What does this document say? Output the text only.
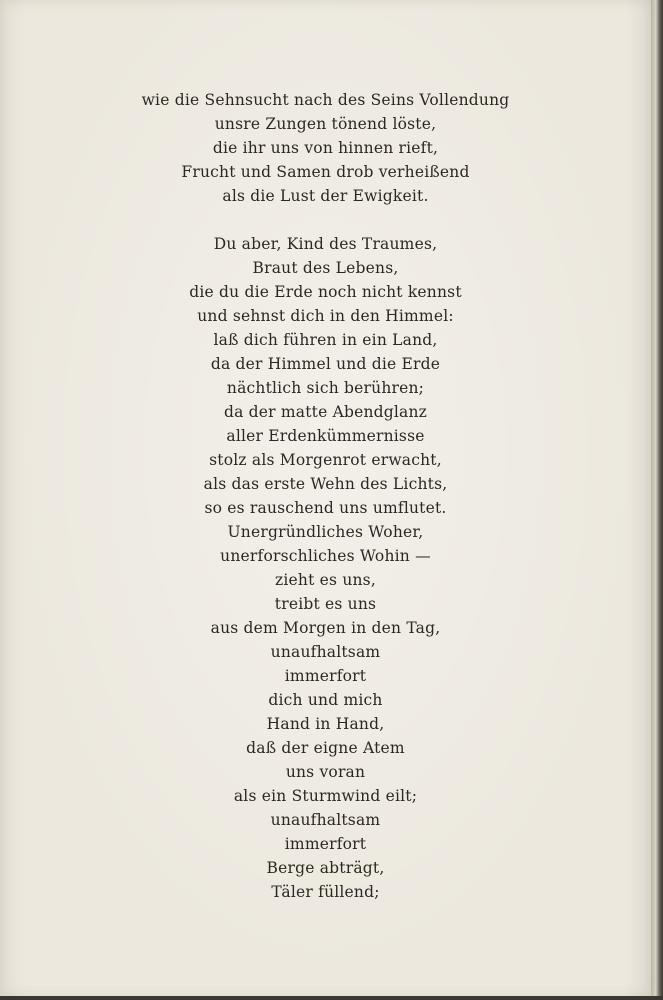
wie die Sehnsucht nach des Seins Vollendung
unsre Zungen tönend löste,
die ihr uns von hinnen rieft,
Frucht und Samen drob verheißend
als die Lust der Ewigkeit.
Du aber, Kind des Traumes,
Braut des Lebens,
die du die Erde noch nicht kennst
und sehnst dich in den Himmel:
laß dich führen in ein Land,
da der Himmel und die Erde
nächtlich sich berühren;
da der matte Abendglanz
aller Erdenkümmernisse
stolz als Morgenrot erwacht,
als das erste Wehn des Lichts,
so es rauschend uns umflutet.
Unergründliches Woher,
unerforschliches Wohin —
zieht es uns,
treibt es uns
aus dem Morgen in den Tag,
unaufhaltsam
immerfort
dich und mich
Hand in Hand,
daß der eigne Atem
uns voran
als ein Sturmwind eilt;
unaufhaltsam
immerfort
Berge abträgt,
Täler füllend;
